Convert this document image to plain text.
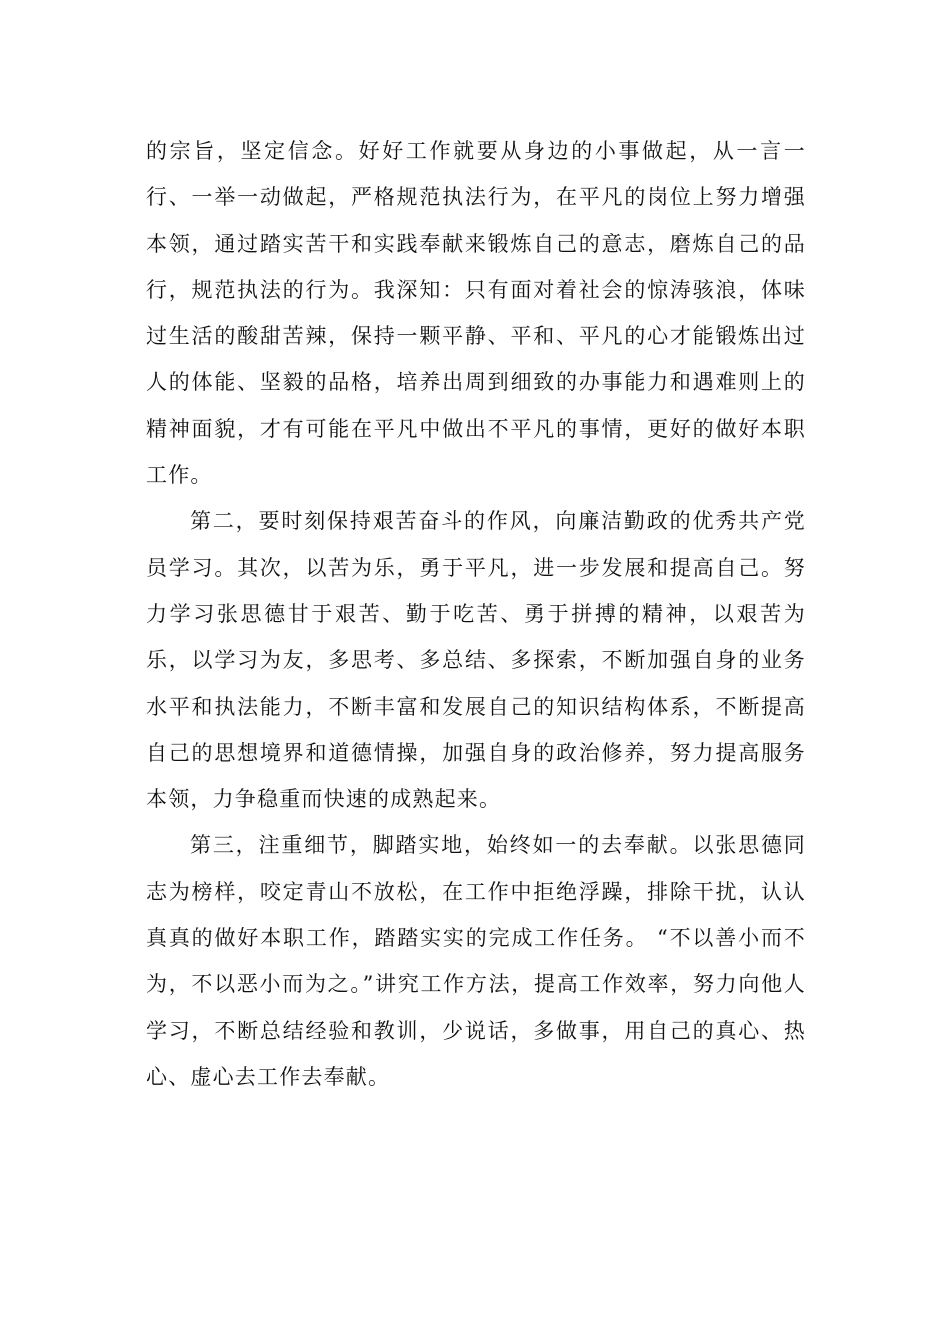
的宗旨，坚定信念。好好工作就要从身边的小事做起，从一言一行、一举一动做起，严格规范执法行为，在平凡的岗位上努力增强本领，通过踏实苦干和实践奉献来锻炼自己的意志，磨炼自己的品行，规范执法的行为。我深知：只有面对着社会的惊涛骇浪，体味过生活的酸甜苦辣，保持一颗平静、平和、平凡的心才能锻炼出过人的体能、坚毅的品格，培养出周到细致的办事能力和遇难则上的精神面貌，才有可能在平凡中做出不平凡的事情，更好的做好本职工作。

第二，要时刻保持艰苦奋斗的作风，向廉洁勤政的优秀共产党员学习。其次，以苦为乐，勇于平凡，进一步发展和提高自己。努力学习张思德甘于艰苦、勤于吃苦、勇于拼搏的精神，以艰苦为乐，以学习为友，多思考、多总结、多探索，不断加强自身的业务水平和执法能力，不断丰富和发展自己的知识结构体系，不断提高自己的思想境界和道德情操，加强自身的政治修养，努力提高服务本领，力争稳重而快速的成熟起来。

第三，注重细节，脚踏实地，始终如一的去奉献。以张思德同志为榜样，咬定青山不放松，在工作中拒绝浮躁，排除干扰，认认真真的做好本职工作，踏踏实实的完成工作任务。 “不以善小而不为，不以恶小而为之。”讲究工作方法，提高工作效率，努力向他人学习，不断总结经验和教训，少说话，多做事，用自己的真心、热心、虚心去工作去奉献。
